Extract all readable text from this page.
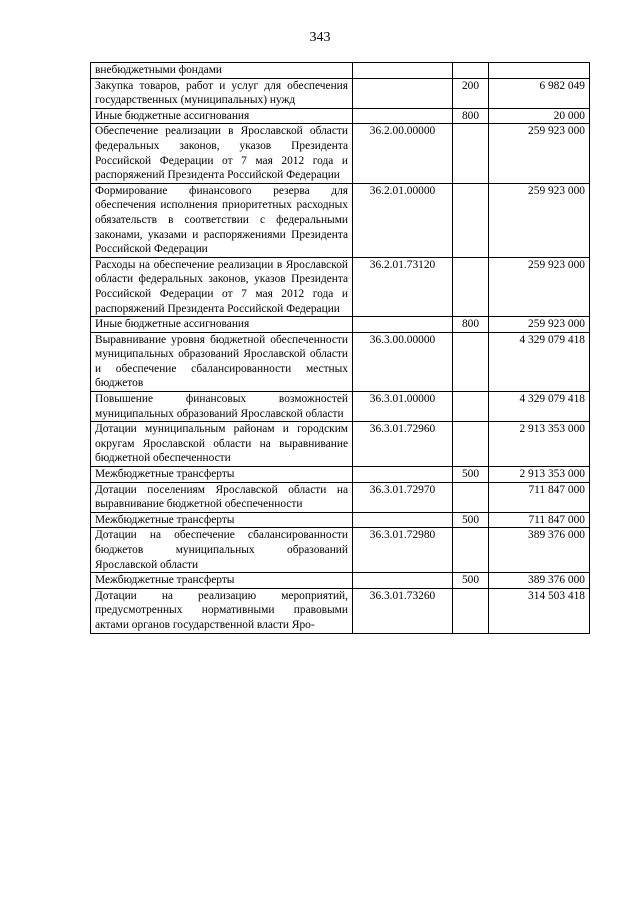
343
внебюджетными фондами			
Закупка товаров, работ и услуг для обеспечения государственных (муниципальных) нужд		200	6 982 049
Иные бюджетные ассигнования		800	20 000
Обеспечение реализации в Ярославской области федеральных законов, указов Президента Российской Федерации от 7 мая 2012 года и распоряжений Президента Российской Федерации	36.2.00.00000		259 923 000
Формирование финансового резерва для обеспечения исполнения приоритетных расходных обязательств в соответствии с федеральными законами, указами и распоряжениями Президента Российской Федерации	36.2.01.00000		259 923 000
Расходы на обеспечение реализации в Ярославской области федеральных законов, указов Президента Российской Федерации от 7 мая 2012 года и распоряжений Президента Российской Федерации	36.2.01.73120		259 923 000
Иные бюджетные ассигнования		800	259 923 000
Выравнивание уровня бюджетной обеспеченности муниципальных образований Ярославской области и обеспечение сбалансированности местных бюджетов	36.3.00.00000		4 329 079 418
Повышение финансовых возможностей муниципальных образований Ярославской области	36.3.01.00000		4 329 079 418
Дотации муниципальным районам и городским округам Ярославской области на выравнивание бюджетной обеспеченности	36.3.01.72960		2 913 353 000
Межбюджетные трансферты		500	2 913 353 000
Дотации поселениям Ярославской области на выравнивание бюджетной обеспеченности	36.3.01.72970		711 847 000
Межбюджетные трансферты		500	711 847 000
Дотации на обеспечение сбалансированности бюджетов муниципальных образований Ярославской области	36.3.01.72980		389 376 000
Межбюджетные трансферты		500	389 376 000
Дотации на реализацию мероприятий, предусмотренных нормативными правовыми актами органов государственной власти Яро-	36.3.01.73260		314 503 418
